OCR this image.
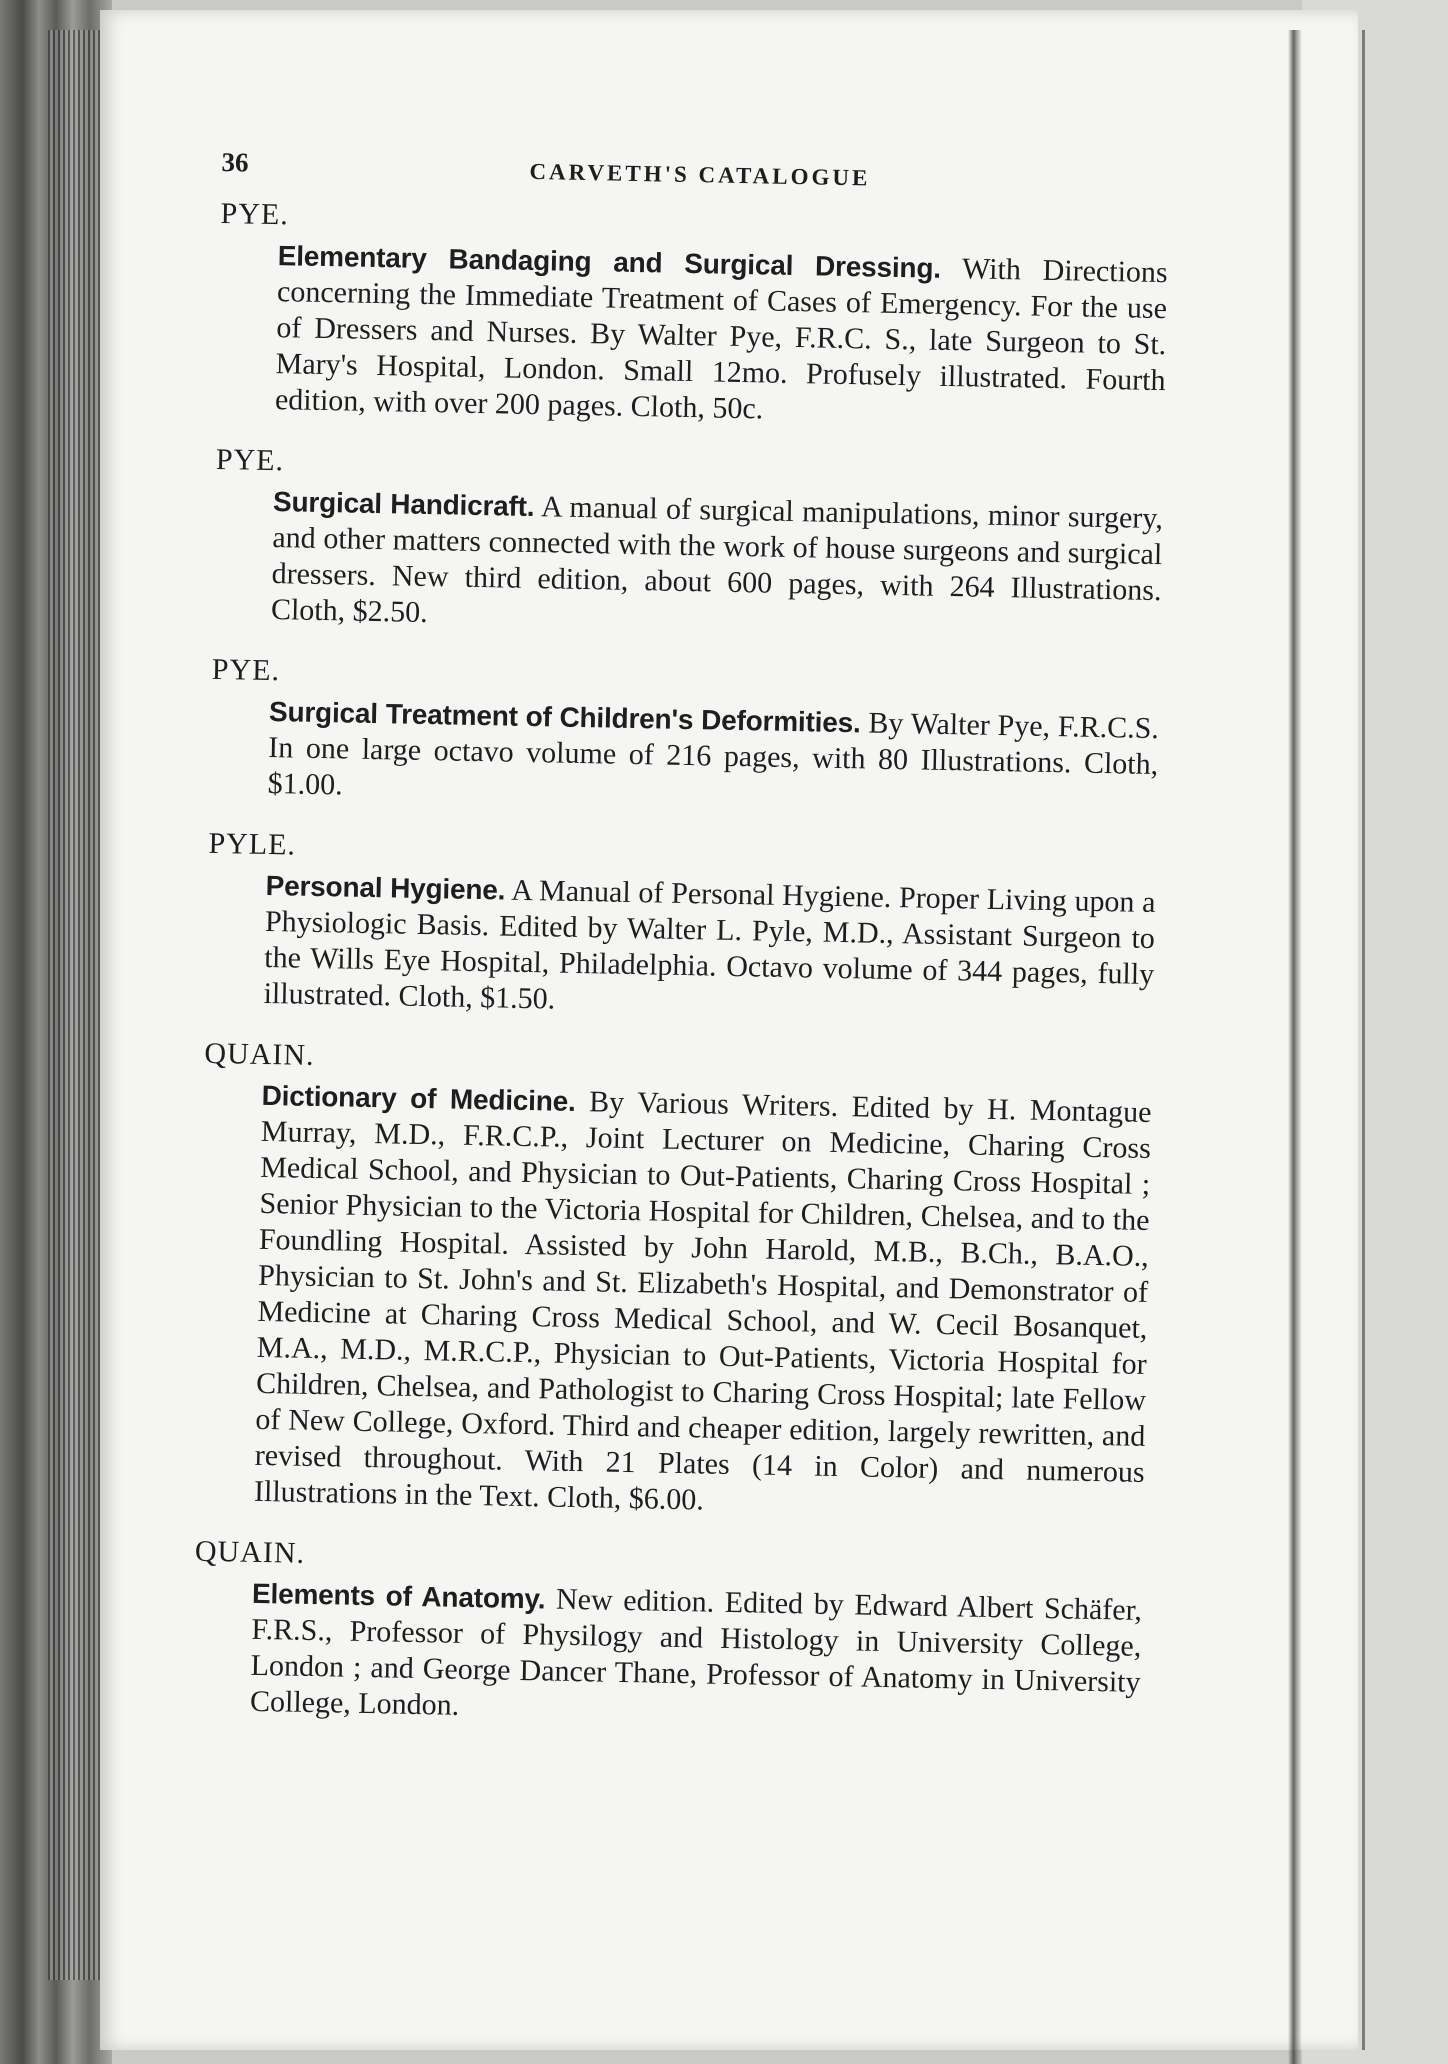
36	CARVETH'S CATALOGUE
PYE.
Elementary Bandaging and Surgical Dressing. With Directions concerning the Immediate Treatment of Cases of Emergency. For the use of Dressers and Nurses. By Walter Pye, F.R.C. S., late Surgeon to St. Mary's Hospital, London. Small 12mo. Profusely illustrated. Fourth edition, with over 200 pages. Cloth, 50c.
PYE.
Surgical Handicraft. A manual of surgical manipulations, minor surgery, and other matters connected with the work of house surgeons and surgical dressers. New third edition, about 600 pages, with 264 Illustrations. Cloth, $2.50.
PYE.
Surgical Treatment of Children's Deformities. By Walter Pye, F.R.C.S. In one large octavo volume of 216 pages, with 80 Illustrations. Cloth, $1.00.
PYLE.
Personal Hygiene. A Manual of Personal Hygiene. Proper Living upon a Physiologic Basis. Edited by Walter L. Pyle, M.D., Assistant Surgeon to the Wills Eye Hospital, Philadelphia. Octavo volume of 344 pages, fully illustrated. Cloth, $1.50.
QUAIN.
Dictionary of Medicine. By Various Writers. Edited by H. Montague Murray, M.D., F.R.C.P., Joint Lecturer on Medicine, Charing Cross Medical School, and Physician to Out-Patients, Charing Cross Hospital ; Senior Physician to the Victoria Hospital for Children, Chelsea, and to the Foundling Hospital. Assisted by John Harold, M.B., B.Ch., B.A.O., Physician to St. John's and St. Elizabeth's Hospital, and Demonstrator of Medicine at Charing Cross Medical School, and W. Cecil Bosanquet, M.A., M.D., M.R.C.P., Physician to Out-Patients, Victoria Hospital for Children, Chelsea, and Pathologist to Charing Cross Hospital; late Fellow of New College, Oxford. Third and cheaper edition, largely rewritten, and revised throughout. With 21 Plates (14 in Color) and numerous Illustrations in the Text. Cloth, $6.00.
QUAIN.
Elements of Anatomy. New edition. Edited by Edward Albert Schäfer, F.R.S., Professor of Physilogy and Histology in University College, London ; and George Dancer Thane, Professor of Anatomy in University College, London.
